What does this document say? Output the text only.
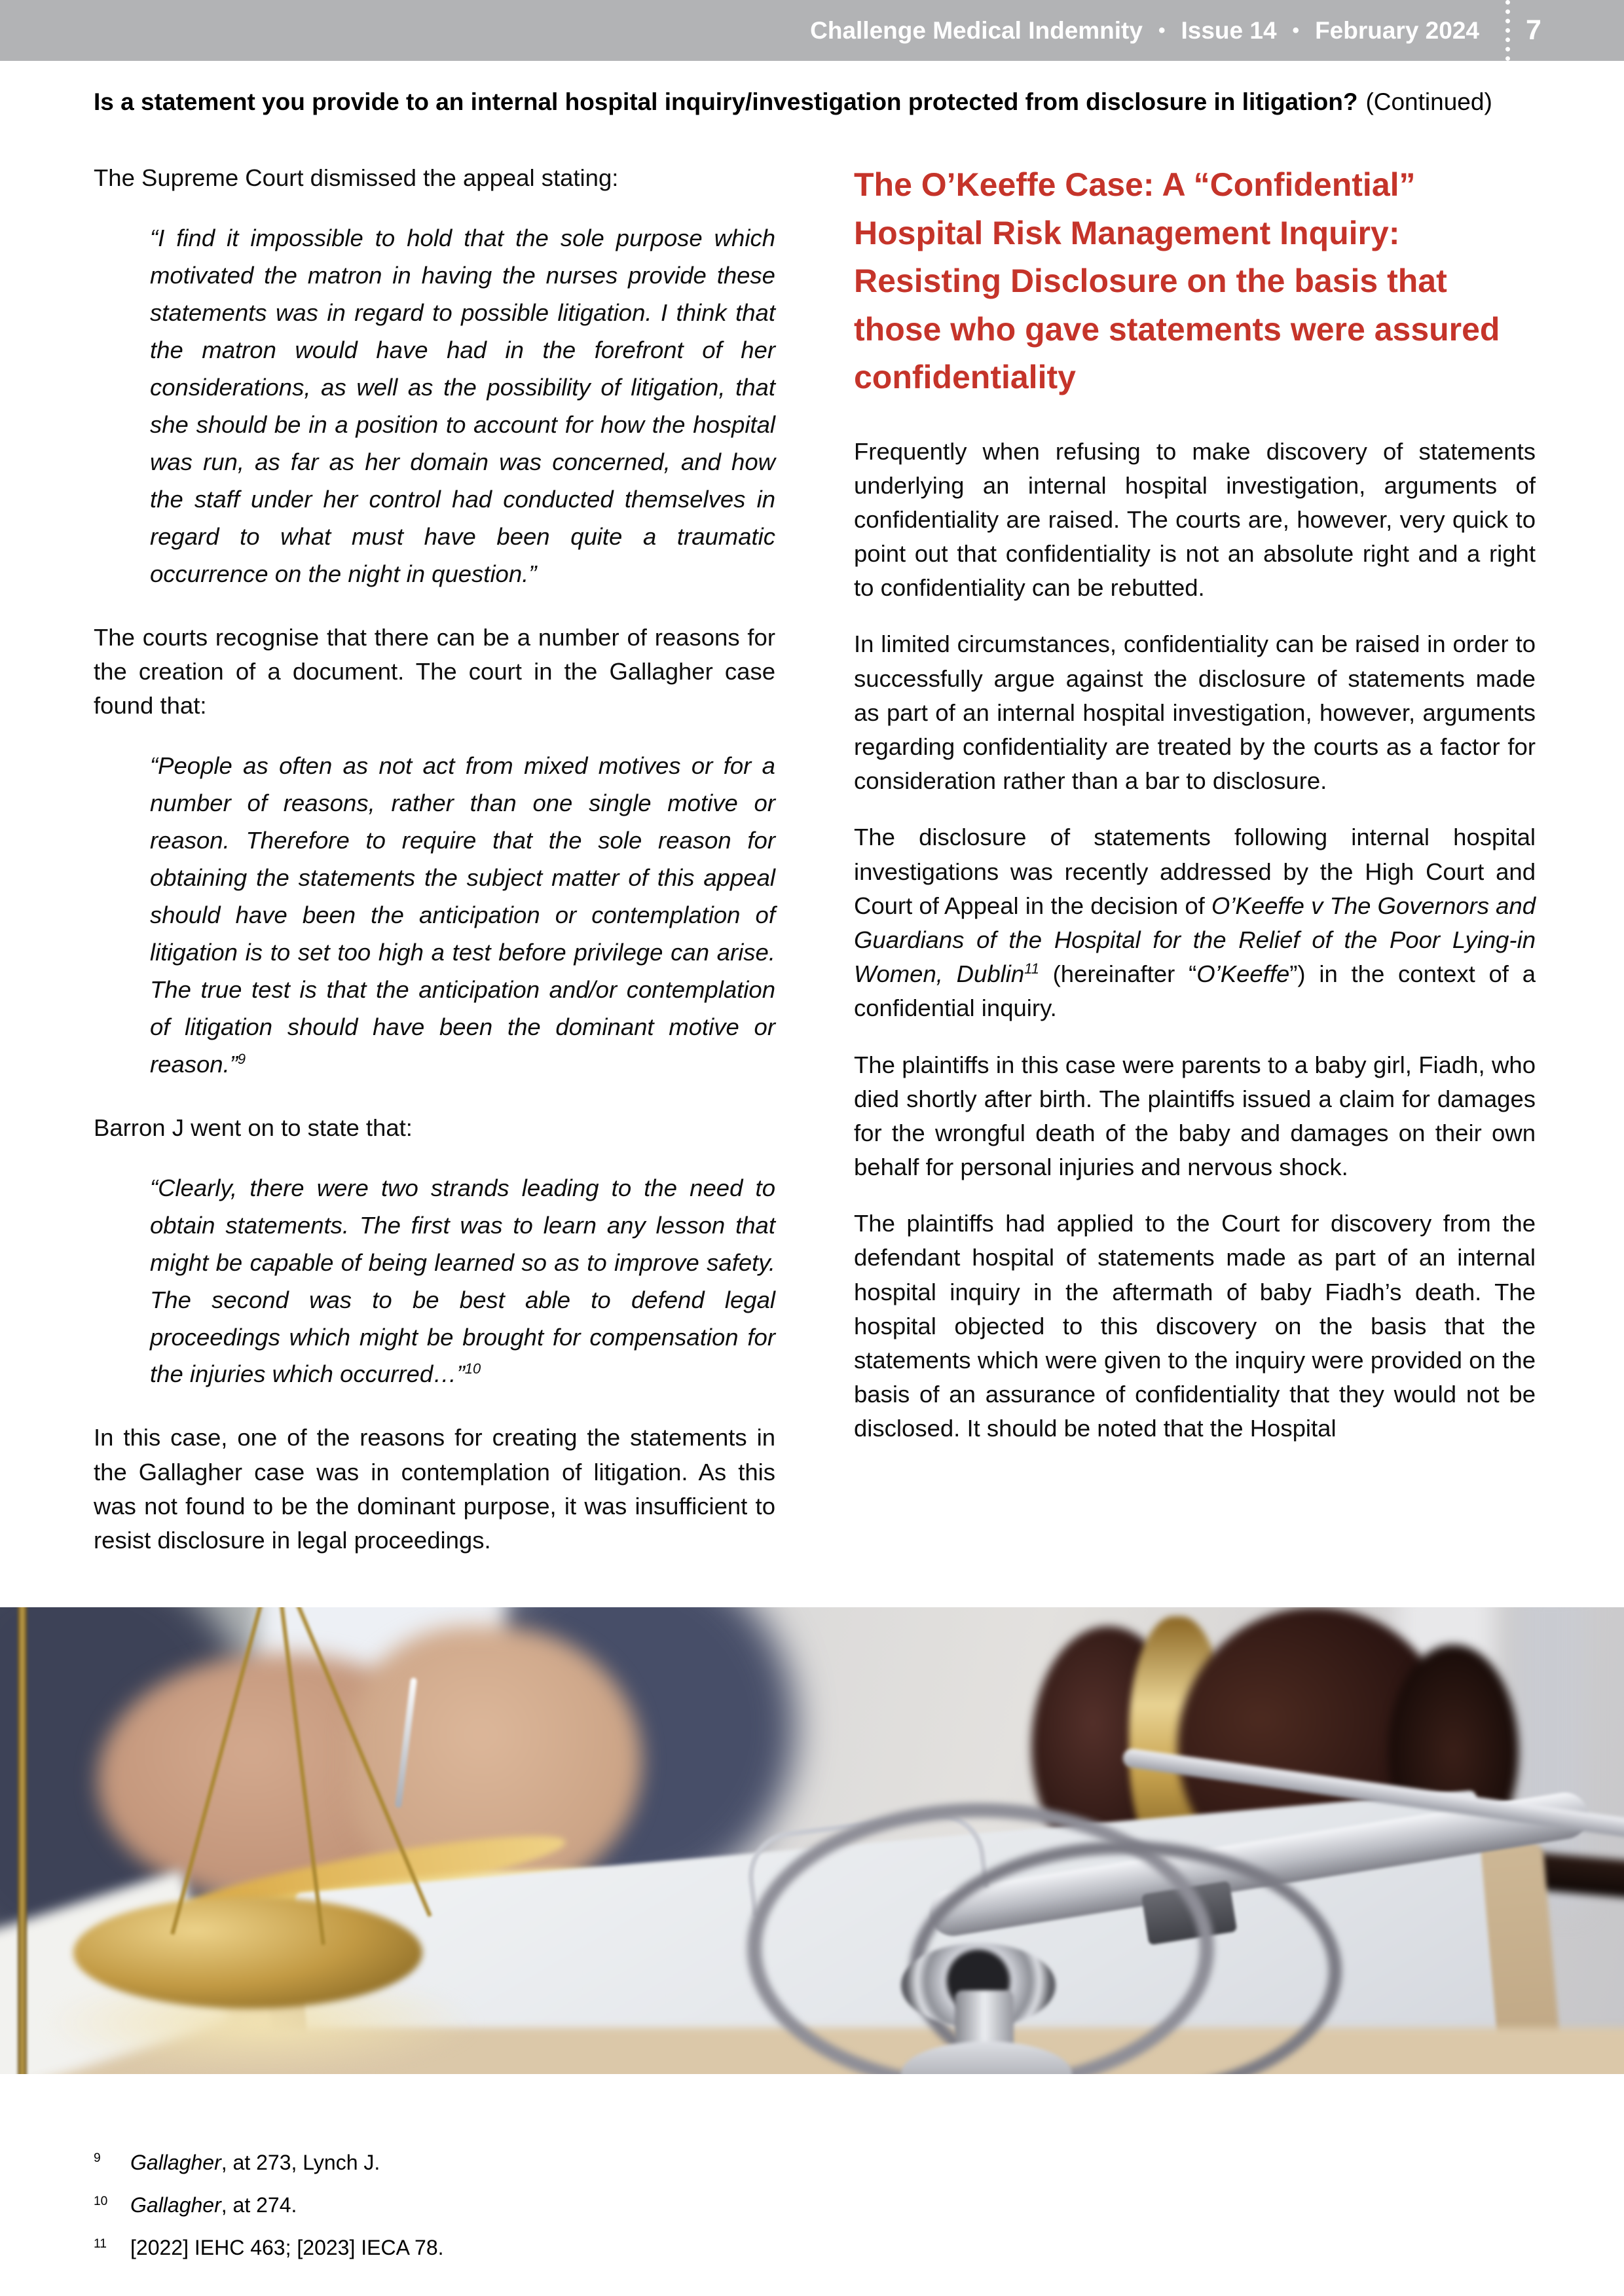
Challenge Medical Indemnity • Issue 14 • February 2024 7
Is a statement you provide to an internal hospital inquiry/investigation protected from disclosure in litigation? (Continued)

The Supreme Court dismissed the appeal stating:

“I find it impossible to hold that the sole purpose which motivated the matron in having the nurses provide these statements was in regard to possible litigation. I think that the matron would have had in the forefront of her considerations, as well as the possibility of litigation, that she should be in a position to account for how the hospital was run, as far as her domain was concerned, and how the staff under her control had conducted themselves in regard to what must have been quite a traumatic occurrence on the night in question.”

The courts recognise that there can be a number of reasons for the creation of a document. The court in the Gallagher case found that:

“People as often as not act from mixed motives or for a number of reasons, rather than one single motive or reason. Therefore to require that the sole reason for obtaining the statements the subject matter of this appeal should have been the anticipation or contemplation of litigation is to set too high a test before privilege can arise. The true test is that the anticipation and/or contemplation of litigation should have been the dominant motive or reason.”$^9$

Barron J went on to state that:

“Clearly, there were two strands leading to the need to obtain statements. The first was to learn any lesson that might be capable of being learned so as to improve safety. The second was to be best able to defend legal proceedings which might be brought for compensation for the injuries which occurred…”$^{10}$

In this case, one of the reasons for creating the statements in the Gallagher case was in contemplation of litigation. As this was not found to be the dominant purpose, it was insufficient to resist disclosure in legal proceedings.

The O’Keeffe Case: A “Confidential” Hospital Risk Management Inquiry: Resisting Disclosure on the basis that those who gave statements were assured confidentiality

Frequently when refusing to make discovery of statements underlying an internal hospital investigation, arguments of confidentiality are raised. The courts are, however, very quick to point out that confidentiality is not an absolute right and a right to confidentiality can be rebutted.

In limited circumstances, confidentiality can be raised in order to successfully argue against the disclosure of statements made as part of an internal hospital investigation, however, arguments regarding confidentiality are treated by the courts as a factor for consideration rather than a bar to disclosure.

The disclosure of statements following internal hospital investigations was recently addressed by the High Court and Court of Appeal in the decision of O’Keeffe v The Governors and Guardians of the Hospital for the Relief of the Poor Lying-in Women, Dublin$^{11}$ (hereinafter “O’Keeffe”) in the context of a confidential inquiry.

The plaintiffs in this case were parents to a baby girl, Fiadh, who died shortly after birth. The plaintiffs issued a claim for damages for the wrongful death of the baby and damages on their own behalf for personal injuries and nervous shock.

The plaintiffs had applied to the Court for discovery from the defendant hospital of statements made as part of an internal hospital inquiry in the aftermath of baby Fiadh’s death. The hospital objected to this discovery on the basis that the statements which were given to the inquiry were provided on the basis of an assurance of confidentiality that they would not be disclosed. It should be noted that the Hospital

$^9$ Gallagher, at 273, Lynch J.
$^{10}$ Gallagher, at 274.
$^{11}$ [2022] IEHC 463; [2023] IECA 78.
